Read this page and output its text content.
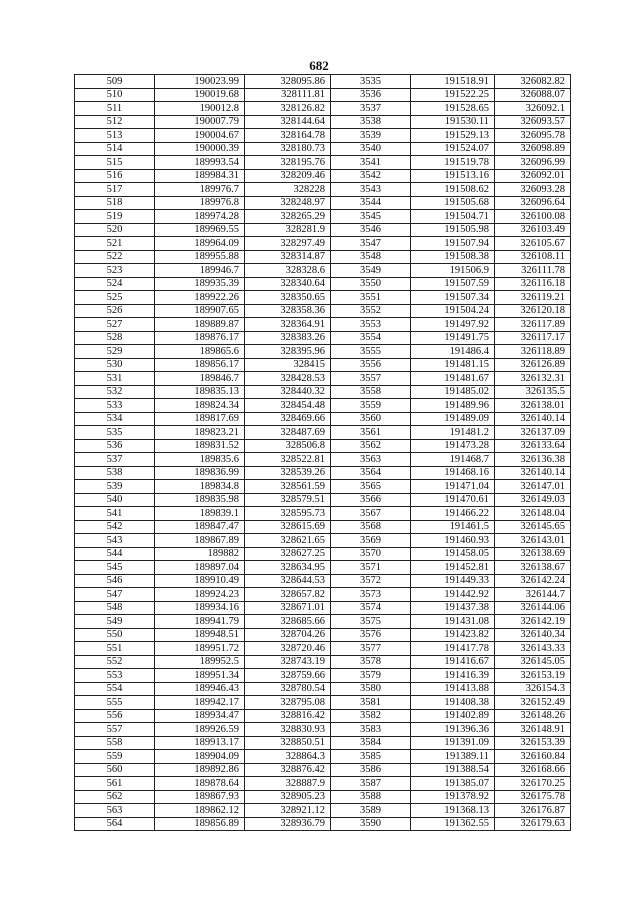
682
509	190023.99	328095.86	3535	191518.91	326082.82
510	190019.68	328111.81	3536	191522.25	326088.07
511	190012.8	328126.82	3537	191528.65	326092.1
512	190007.79	328144.64	3538	191530.11	326093.57
513	190004.67	328164.78	3539	191529.13	326095.78
514	190000.39	328180.73	3540	191524.07	326098.89
515	189993.54	328195.76	3541	191519.78	326096.99
516	189984.31	328209.46	3542	191513.16	326092.01
517	189976.7	328228	3543	191508.62	326093.28
518	189976.8	328248.97	3544	191505.68	326096.64
519	189974.28	328265.29	3545	191504.71	326100.08
520	189969.55	328281.9	3546	191505.98	326103.49
521	189964.09	328297.49	3547	191507.94	326105.67
522	189955.88	328314.87	3548	191508.38	326108.11
523	189946.7	328328.6	3549	191506.9	326111.78
524	189935.39	328340.64	3550	191507.59	326116.18
525	189922.26	328350.65	3551	191507.34	326119.21
526	189907.65	328358.36	3552	191504.24	326120.18
527	189889.87	328364.91	3553	191497.92	326117.89
528	189876.17	328383.26	3554	191491.75	326117.17
529	189865.6	328395.96	3555	191486.4	326118.89
530	189856.17	328415	3556	191481.15	326126.89
531	189846.7	328428.53	3557	191481.67	326132.31
532	189835.13	328440.32	3558	191485.02	326135.5
533	189824.34	328454.48	3559	191489.96	326138.01
534	189817.69	328469.66	3560	191489.09	326140.14
535	189823.21	328487.69	3561	191481.2	326137.09
536	189831.52	328506.8	3562	191473.28	326133.64
537	189835.6	328522.81	3563	191468.7	326136.38
538	189836.99	328539.26	3564	191468.16	326140.14
539	189834.8	328561.59	3565	191471.04	326147.01
540	189835.98	328579.51	3566	191470.61	326149.03
541	189839.1	328595.73	3567	191466.22	326148.04
542	189847.47	328615.69	3568	191461.5	326145.65
543	189867.89	328621.65	3569	191460.93	326143.01
544	189882	328627.25	3570	191458.05	326138.69
545	189897.04	328634.95	3571	191452.81	326138.67
546	189910.49	328644.53	3572	191449.33	326142.24
547	189924.23	328657.82	3573	191442.92	326144.7
548	189934.16	328671.01	3574	191437.38	326144.06
549	189941.79	328685.66	3575	191431.08	326142.19
550	189948.51	328704.26	3576	191423.82	326140.34
551	189951.72	328720.46	3577	191417.78	326143.33
552	189952.5	328743.19	3578	191416.67	326145.05
553	189951.34	328759.66	3579	191416.39	326153.19
554	189946.43	328780.54	3580	191413.88	326154.3
555	189942.17	328795.08	3581	191408.38	326152.49
556	189934.47	328816.42	3582	191402.89	326148.26
557	189926.59	328830.93	3583	191396.36	326148.91
558	189913.17	328850.51	3584	191391.09	326153.39
559	189904.09	328864.3	3585	191389.11	326160.84
560	189892.86	328876.42	3586	191388.54	326168.66
561	189878.64	328887.9	3587	191385.07	326170.25
562	189867.93	328905.23	3588	191378.92	326175.78
563	189862.12	328921.12	3589	191368.13	326176.87
564	189856.89	328936.79	3590	191362.55	326179.63
